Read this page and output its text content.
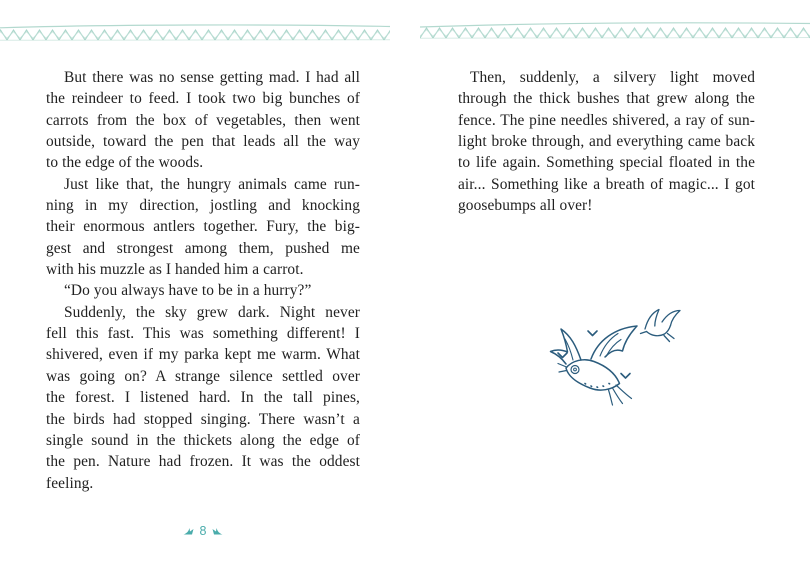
But there was no sense getting mad. I had all
the reindeer to feed. I took two big bunches of
carrots from the box of vegetables, then went
outside, toward the pen that leads all the way
to the edge of the woods.
Just like that, the hungry animals came run-
ning in my direction, jostling and knocking
their enormous antlers together. Fury, the big-
gest and strongest among them, pushed me
with his muzzle as I handed him a carrot.
“Do you always have to be in a hurry?”
Suddenly, the sky grew dark. Night never
fell this fast. This was something different! I
shivered, even if my parka kept me warm. What
was going on? A strange silence settled over
the forest. I listened hard. In the tall pines,
the birds had stopped singing. There wasn’t a
single sound in the thickets along the edge of
the pen. Nature had frozen. It was the oddest
feeling.
Then, suddenly, a silvery light moved
through the thick bushes that grew along the
fence. The pine needles shivered, a ray of sun-
light broke through, and everything came back
to life again. Something special floated in the
air... Something like a breath of magic... I got
goosebumps all over!
8
